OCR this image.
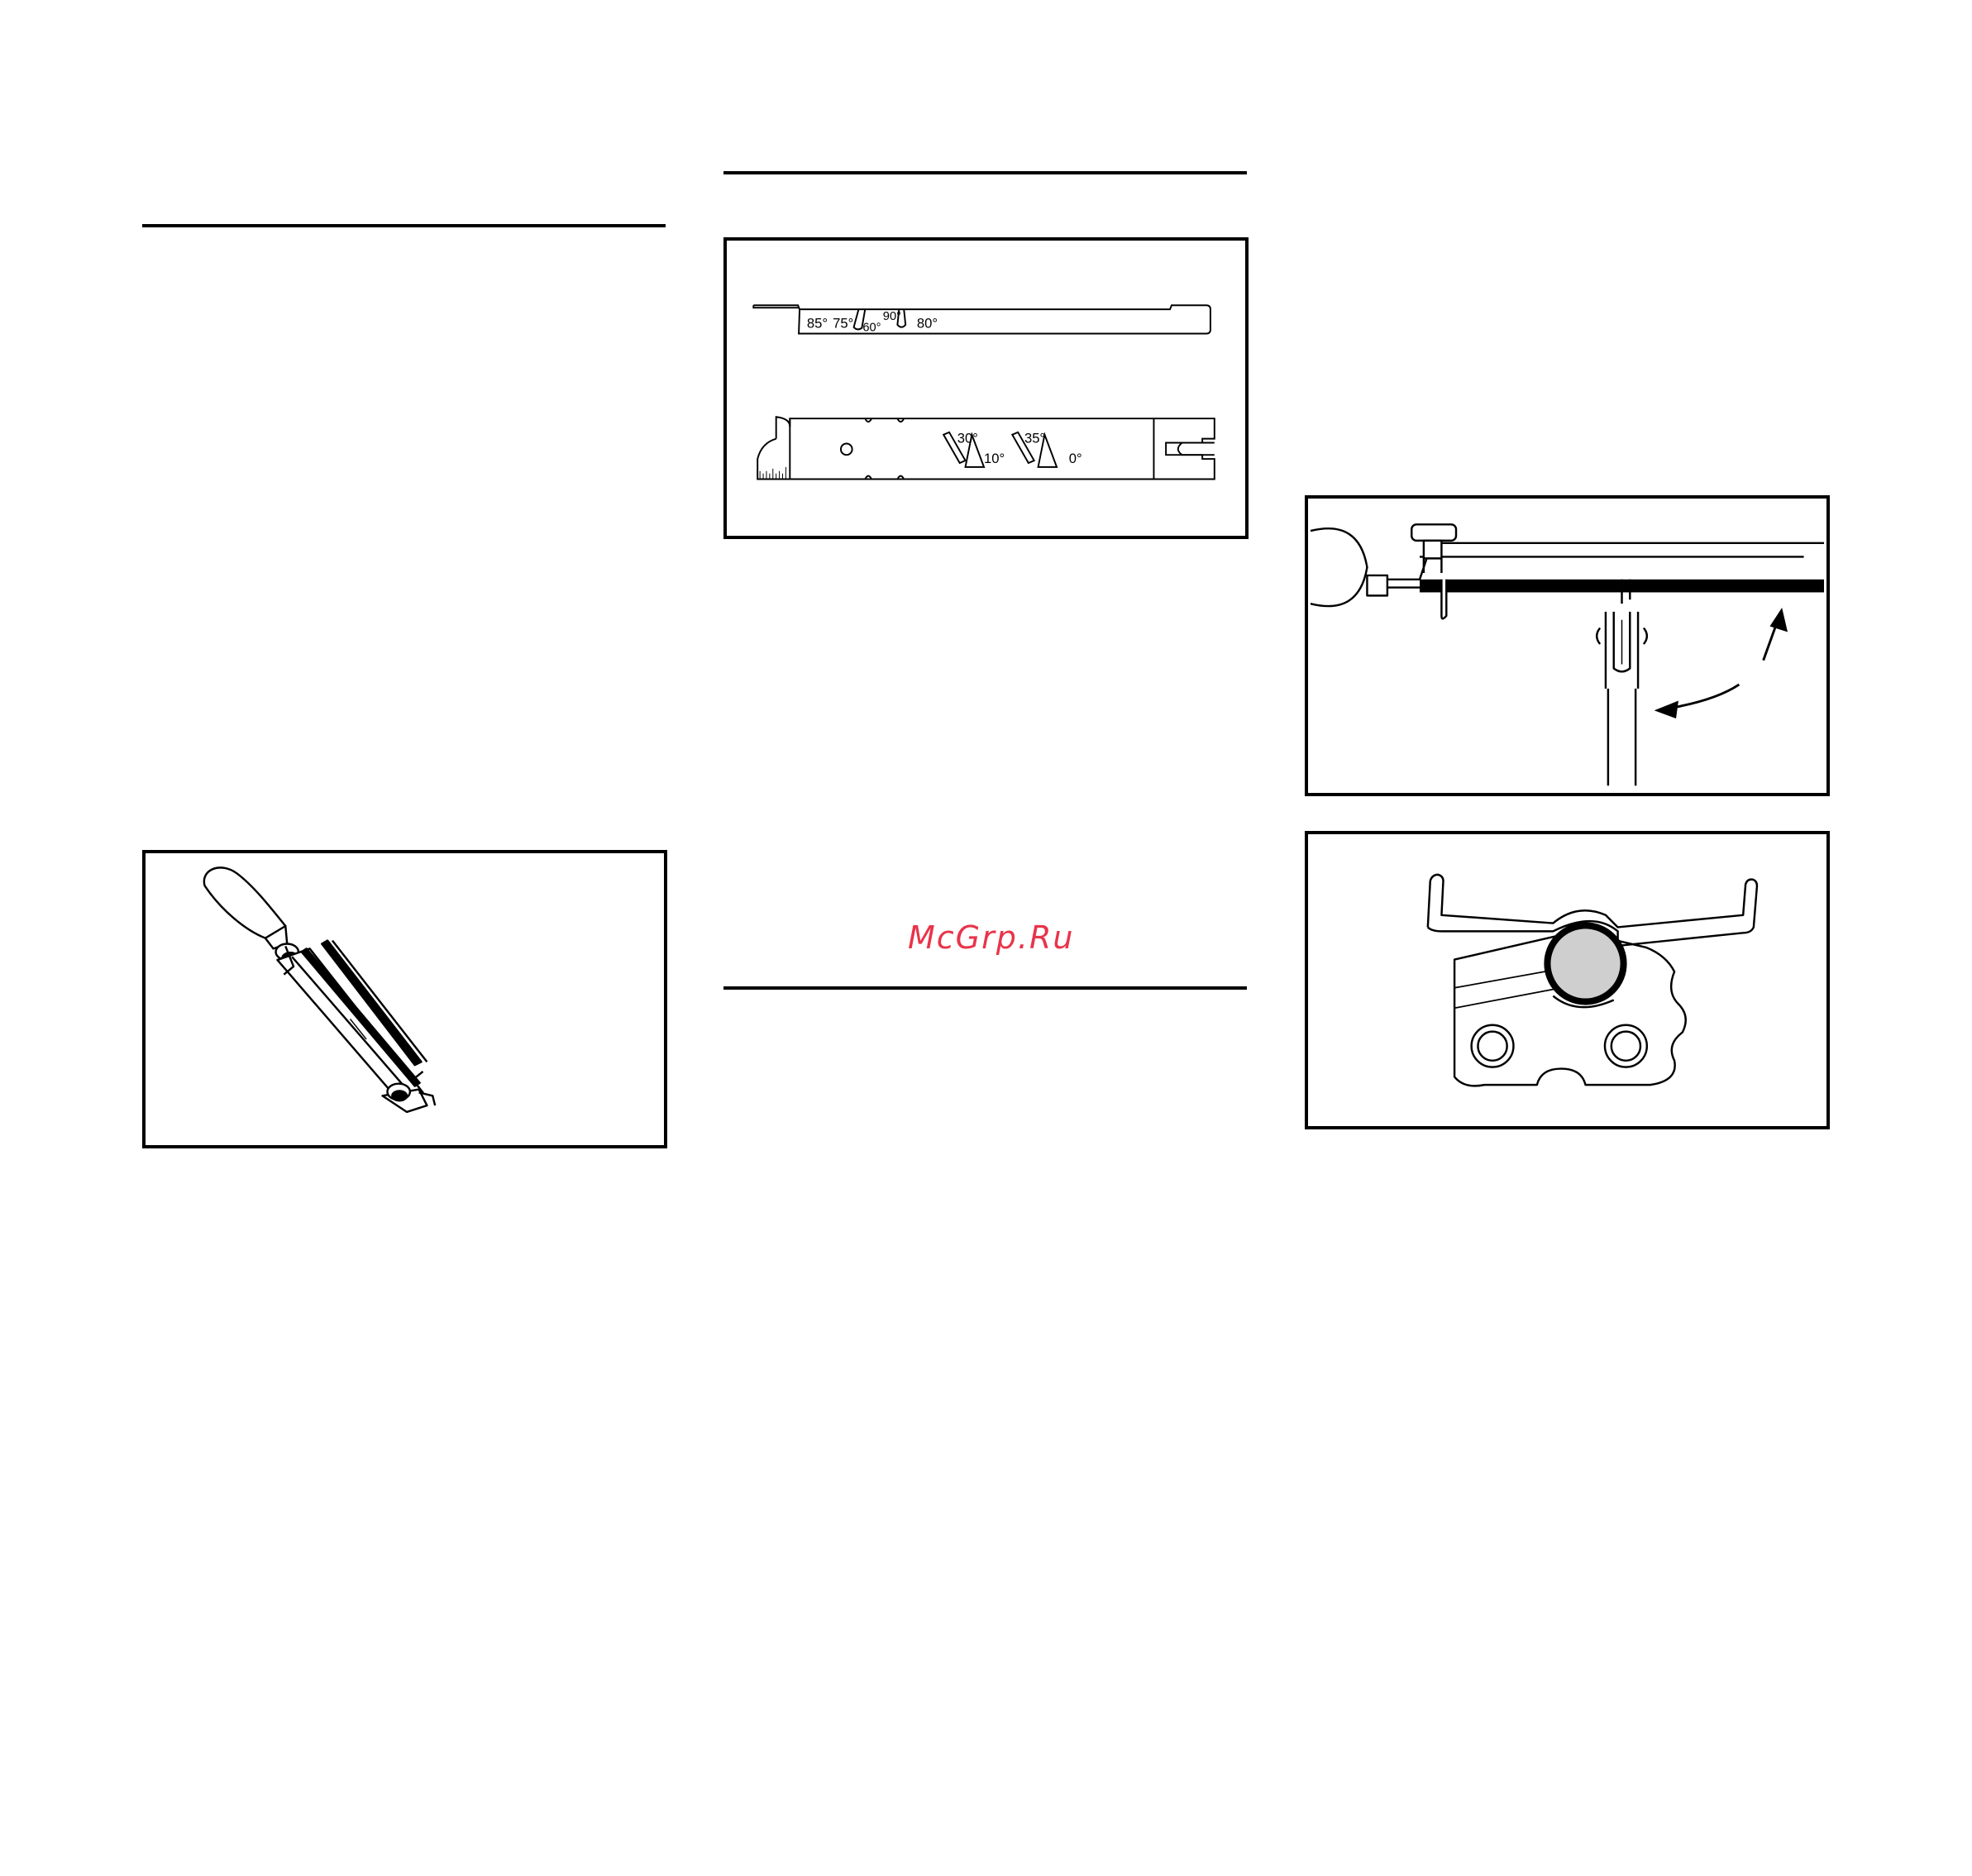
85° 75° 60°
90° 80°
30°
10°
35°
0°
McGrp.Ru
